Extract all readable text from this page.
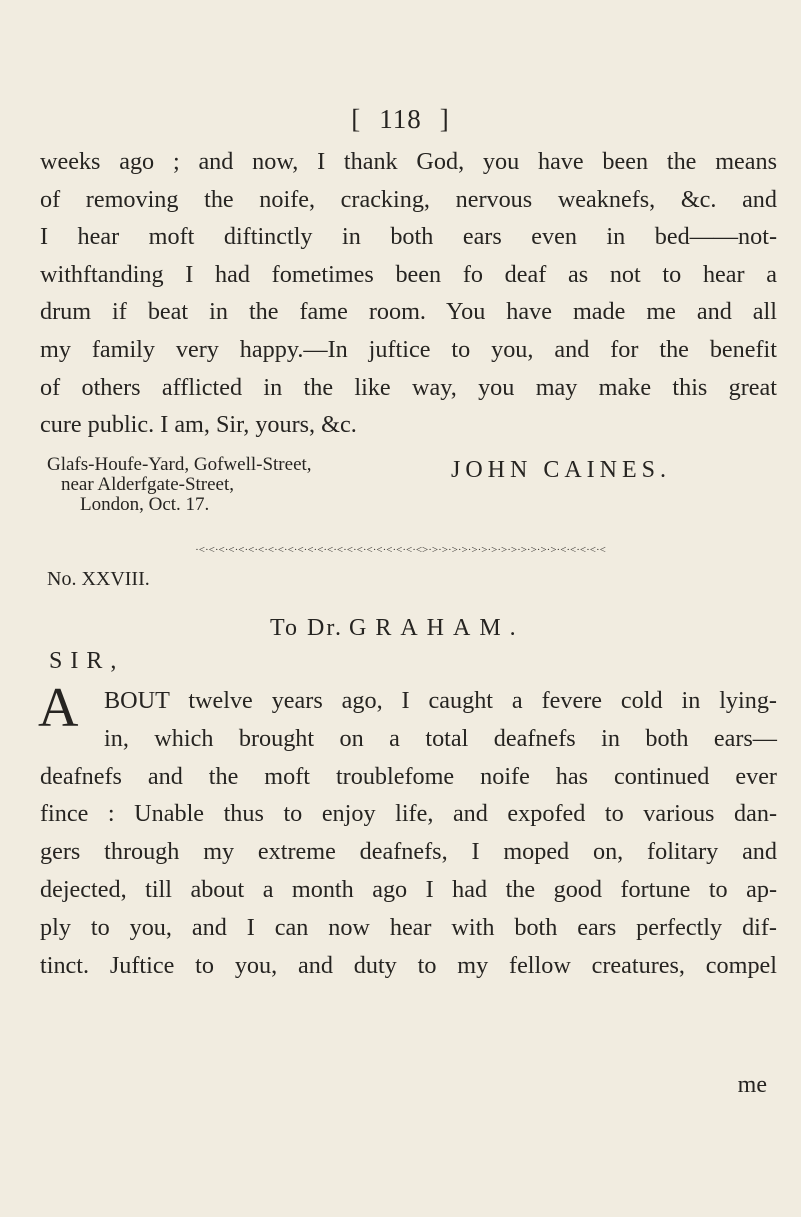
[ 118 ]
weeks ago ; and now, I thank God, you have been the means
of removing the noife, cracking, nervous weaknefs, &c. and
I hear moft diftinctly in both ears even in bed——not-
withftanding I had fometimes been fo deaf as not to hear a
drum if beat in the fame room. You have made me and all
my family very happy.—In juftice to you, and for the benefit
of others afflicted in the like way, you may make this great
cure public. I am, Sir, yours, &c.
Glafs-Houfe-Yard, Gofwell-Street,
near Alderfgate-Street,
London, Oct. 17.
JOHN CAINES.
·<·<·<·<·<·<·<·<·<·<·<·<·<·<·<·<·<·<·<·<·<·<·<>·>·>·>·>·>·>·>·>·>·>·>·>·>·<·<·<·<·<
No. XXVIII.
To Dr. GRAHAM.
SIR,
A	BOUT twelve years ago, I caught a fevere cold in lying-
in, which brought on a total deafnefs in both ears—
deafnefs and the moft troublefome noife has continued ever
fince : Unable thus to enjoy life, and expofed to various dan-
gers through my extreme deafnefs, I moped on, folitary and
dejected, till about a month ago I had the good fortune to ap-
ply to you, and I can now hear with both ears perfectly dif-
tinct. Juftice to you, and duty to my fellow creatures, compel
me
